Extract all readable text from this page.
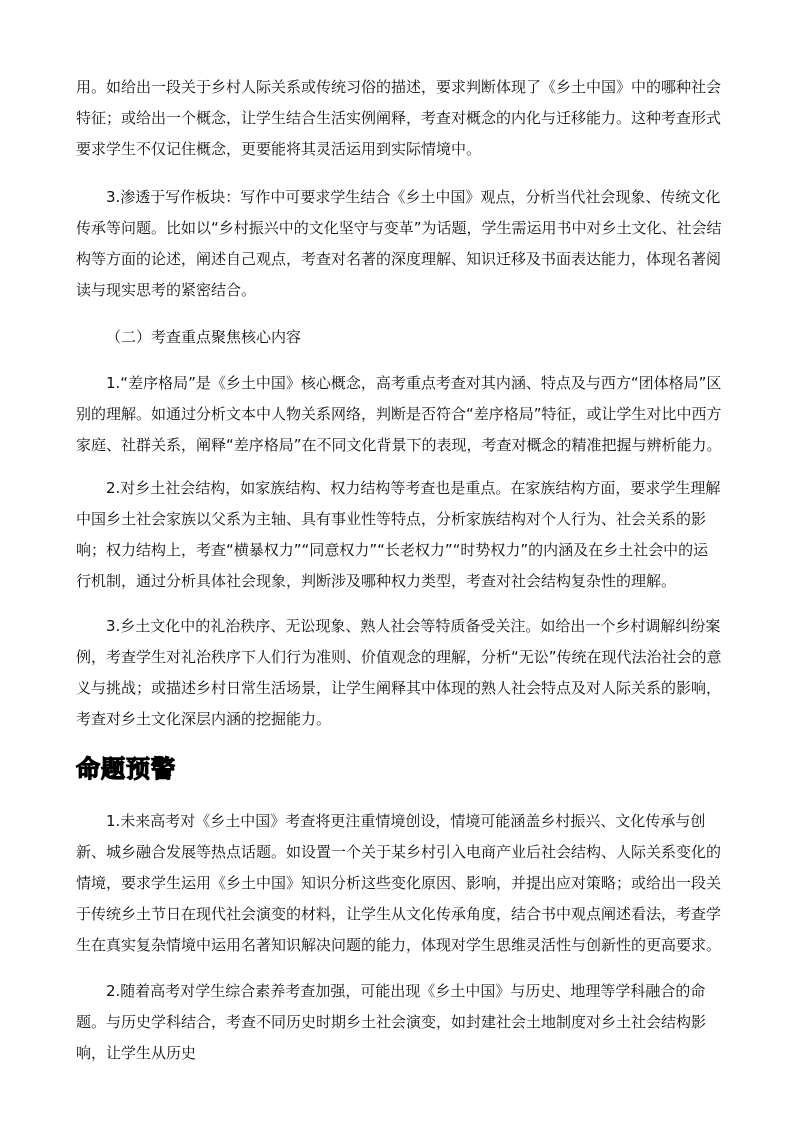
用。如给出一段关于乡村人际关系或传统习俗的描述，要求判断体现了《乡土中国》中的哪种社会特征；或给出一个概念，让学生结合生活实例阐释，考查对概念的内化与迁移能力。这种考查形式要求学生不仅记住概念，更要能将其灵活运用到实际情境中。
3.渗透于写作板块：写作中可要求学生结合《乡土中国》观点，分析当代社会现象、传统文化传承等问题。比如以“乡村振兴中的文化坚守与变革”为话题，学生需运用书中对乡土文化、社会结构等方面的论述，阐述自己观点，考查对名著的深度理解、知识迁移及书面表达能力，体现名著阅读与现实思考的紧密结合。
（二）考查重点聚焦核心内容
1.“差序格局”是《乡土中国》核心概念，高考重点考查对其内涵、特点及与西方“团体格局”区别的理解。如通过分析文本中人物关系网络，判断是否符合“差序格局”特征，或让学生对比中西方家庭、社群关系，阐释“差序格局”在不同文化背景下的表现，考查对概念的精准把握与辨析能力。
2.对乡土社会结构，如家族结构、权力结构等考查也是重点。在家族结构方面，要求学生理解中国乡土社会家族以父系为主轴、具有事业性等特点，分析家族结构对个人行为、社会关系的影响；权力结构上，考查“横暴权力”“同意权力”“长老权力”“时势权力”的内涵及在乡土社会中的运行机制，通过分析具体社会现象，判断涉及哪种权力类型，考查对社会结构复杂性的理解。
3.乡土文化中的礼治秩序、无讼现象、熟人社会等特质备受关注。如给出一个乡村调解纠纷案例，考查学生对礼治秩序下人们行为准则、价值观念的理解，分析“无讼”传统在现代法治社会的意义与挑战；或描述乡村日常生活场景，让学生阐释其中体现的熟人社会特点及对人际关系的影响，考查对乡土文化深层内涵的挖掘能力。
命题预警
1.未来高考对《乡土中国》考查将更注重情境创设，情境可能涵盖乡村振兴、文化传承与创新、城乡融合发展等热点话题。如设置一个关于某乡村引入电商产业后社会结构、人际关系变化的情境，要求学生运用《乡土中国》知识分析这些变化原因、影响，并提出应对策略；或给出一段关于传统乡土节日在现代社会演变的材料，让学生从文化传承角度，结合书中观点阐述看法，考查学生在真实复杂情境中运用名著知识解决问题的能力，体现对学生思维灵活性与创新性的更高要求。
2.随着高考对学生综合素养考查加强，可能出现《乡土中国》与历史、地理等学科融合的命题。与历史学科结合，考查不同历史时期乡土社会演变，如封建社会土地制度对乡土社会结构影响，让学生从历史
